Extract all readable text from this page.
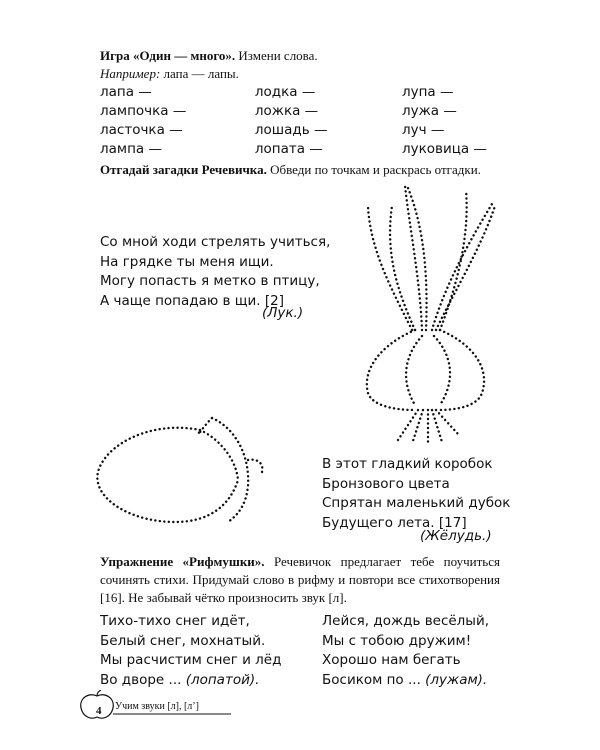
Игра «Один — много». Измени слова.
Например: лапа — лапы.
лапа —	лодка —	лупа —
лампочка —	ложка —	лужа —
ласточка —	лошадь —	луч —
лампа —	лопата —	луковица —
Отгадай загадки Речевичка. Обведи по точкам и раскрась отгадки.
Со мной ходи стрелять учиться,
На грядке ты меня ищи.
Могу попасть я метко в птицу,
А чаще попадаю в щи. [2]
(Лук.)
В этот гладкий коробок
Бронзового цвета
Спрятан маленький дубок
Будущего лета. [17]
(Жёлудь.)
Упражнение «Рифмушки». Речевичок предлагает тебе поучиться сочинять стихи. Придумай слово в рифму и повтори все стихотворения [16]. Не забывай чётко произносить звук [л].
Тихо-тихо снег идёт,
Белый снег, мохнатый.
Мы расчистим снег и лёд
Во дворе ... (лопатой).
Лейся, дождь весёлый,
Мы с тобою дружим!
Хорошо нам бегать
Босиком по ... (лужам).
4 Учим звуки [л], [л’]
